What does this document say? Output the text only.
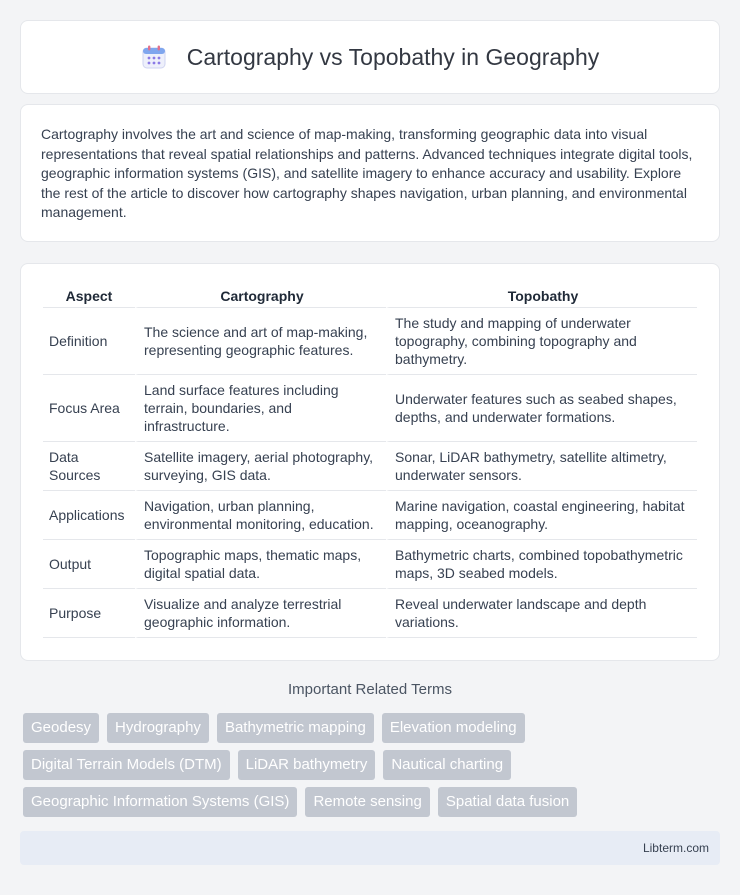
Cartography vs Topobathy in Geography

Cartography involves the art and science of map-making, transforming geographic data into visual representations that reveal spatial relationships and patterns. Advanced techniques integrate digital tools, geographic information systems (GIS), and satellite imagery to enhance accuracy and usability. Explore the rest of the article to discover how cartography shapes navigation, urban planning, and environmental management.

Aspect	Cartography	Topobathy
Definition	The science and art of map-making, representing geographic features.	The study and mapping of underwater topography, combining topography and bathymetry.
Focus Area	Land surface features including terrain, boundaries, and infrastructure.	Underwater features such as seabed shapes, depths, and underwater formations.
Data Sources	Satellite imagery, aerial photography, surveying, GIS data.	Sonar, LiDAR bathymetry, satellite altimetry, underwater sensors.
Applications	Navigation, urban planning, environmental monitoring, education.	Marine navigation, coastal engineering, habitat mapping, oceanography.
Output	Topographic maps, thematic maps, digital spatial data.	Bathymetric charts, combined topobathymetric maps, 3D seabed models.
Purpose	Visualize and analyze terrestrial geographic information.	Reveal underwater landscape and depth variations.
Important Related Terms
Geodesy	Hydrography	Bathymetric mapping	Elevation modeling
Digital Terrain Models (DTM)	LiDAR bathymetry	Nautical charting
Geographic Information Systems (GIS)	Remote sensing	Spatial data fusion
Libterm.com
